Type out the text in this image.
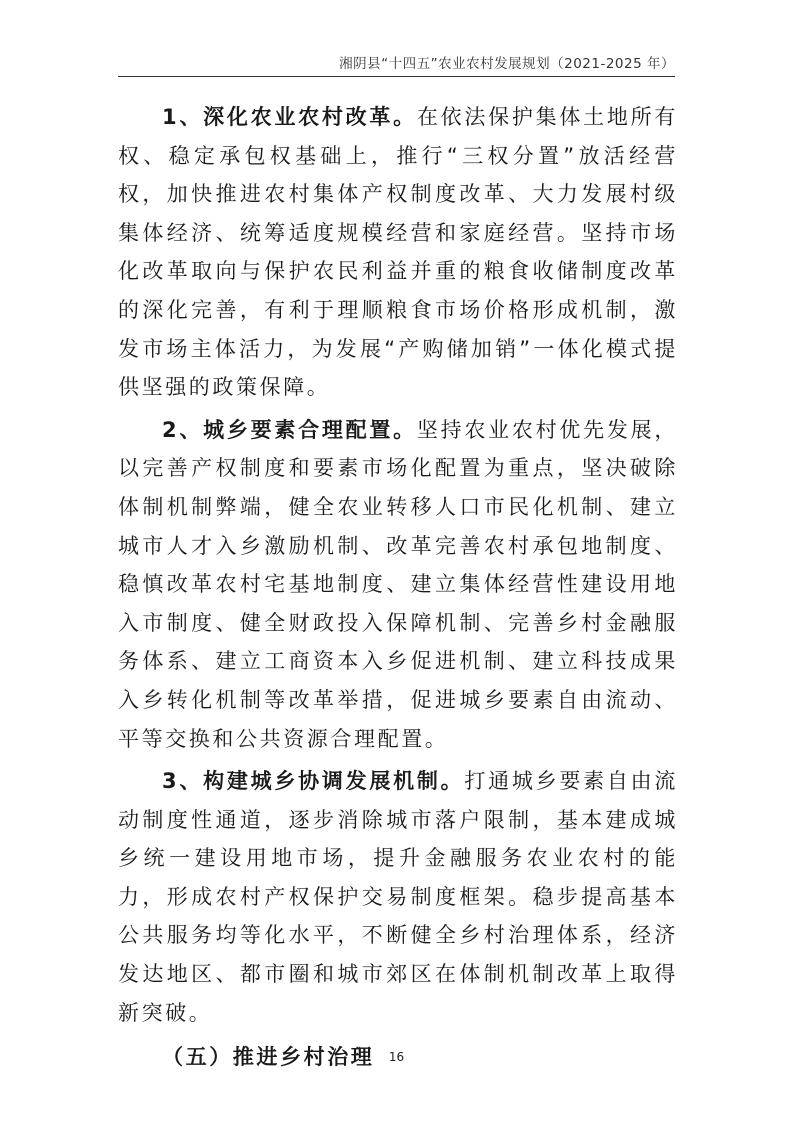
湘阴县“十四五”农业农村发展规划（2021-2025 年）

1、深化农业农村改革。在依法保护集体土地所有权、稳定承包权基础上，推行“三权分置”放活经营权，加快推进农村集体产权制度改革、大力发展村级集体经济、统筹适度规模经营和家庭经营。坚持市场化改革取向与保护农民利益并重的粮食收储制度改革的深化完善，有利于理顺粮食市场价格形成机制，激发市场主体活力，为发展“产购储加销”一体化模式提供坚强的政策保障。

2、城乡要素合理配置。坚持农业农村优先发展，以完善产权制度和要素市场化配置为重点，坚决破除体制机制弊端，健全农业转移人口市民化机制、建立城市人才入乡激励机制、改革完善农村承包地制度、稳慎改革农村宅基地制度、建立集体经营性建设用地入市制度、健全财政投入保障机制、完善乡村金融服务体系、建立工商资本入乡促进机制、建立科技成果入乡转化机制等改革举措，促进城乡要素自由流动、平等交换和公共资源合理配置。

3、构建城乡协调发展机制。打通城乡要素自由流动制度性通道，逐步消除城市落户限制，基本建成城乡统一建设用地市场，提升金融服务农业农村的能力，形成农村产权保护交易制度框架。稳步提高基本公共服务均等化水平，不断健全乡村治理体系，经济发达地区、都市圈和城市郊区在体制机制改革上取得新突破。

（五）推进乡村治理	16
